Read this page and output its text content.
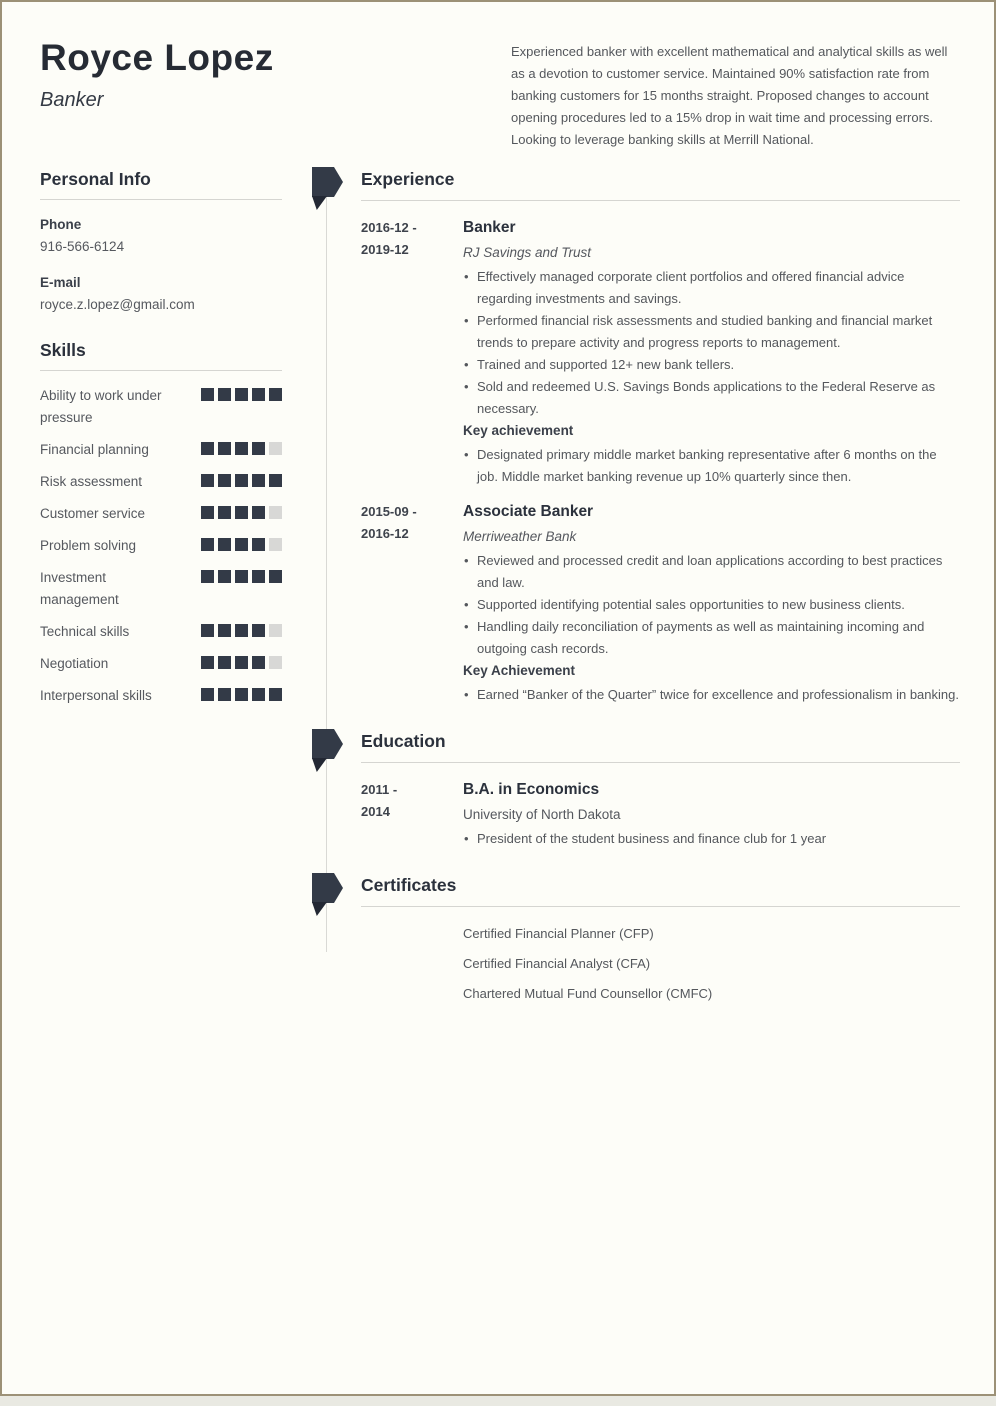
Royce Lopez
Banker

Experienced banker with excellent mathematical and analytical skills as well as a devotion to customer service. Maintained 90% satisfaction rate from banking customers for 15 months straight. Proposed changes to account opening procedures led to a 15% drop in wait time and processing errors. Looking to leverage banking skills at Merrill National.

Personal Info
Phone
916-566-6124
E-mail
royce.z.lopez@gmail.com
Skills
Ability to work under pressure
Financial planning
Risk assessment
Customer service
Problem solving
Investment management
Technical skills
Negotiation
Interpersonal skills
Experience
2016-12 -
2019-12
Banker
RJ Savings and Trust
• Effectively managed corporate client portfolios and offered financial advice regarding investments and savings.
• Performed financial risk assessments and studied banking and financial market trends to prepare activity and progress reports to management.
• Trained and supported 12+ new bank tellers.
• Sold and redeemed U.S. Savings Bonds applications to the Federal Reserve as necessary.
Key achievement
• Designated primary middle market banking representative after 6 months on the job. Middle market banking revenue up 10% quarterly since then.
2015-09 -
2016-12
Associate Banker
Merriweather Bank
• Reviewed and processed credit and loan applications according to best practices and law.
• Supported identifying potential sales opportunities to new business clients.
• Handling daily reconciliation of payments as well as maintaining incoming and outgoing cash records.
Key Achievement
• Earned “Banker of the Quarter” twice for excellence and professionalism in banking.
Education
2011 -
2014
B.A. in Economics
University of North Dakota
• President of the student business and finance club for 1 year
Certificates

Certified Financial Planner (CFP)

Certified Financial Analyst (CFA)

Chartered Mutual Fund Counsellor (CMFC)
